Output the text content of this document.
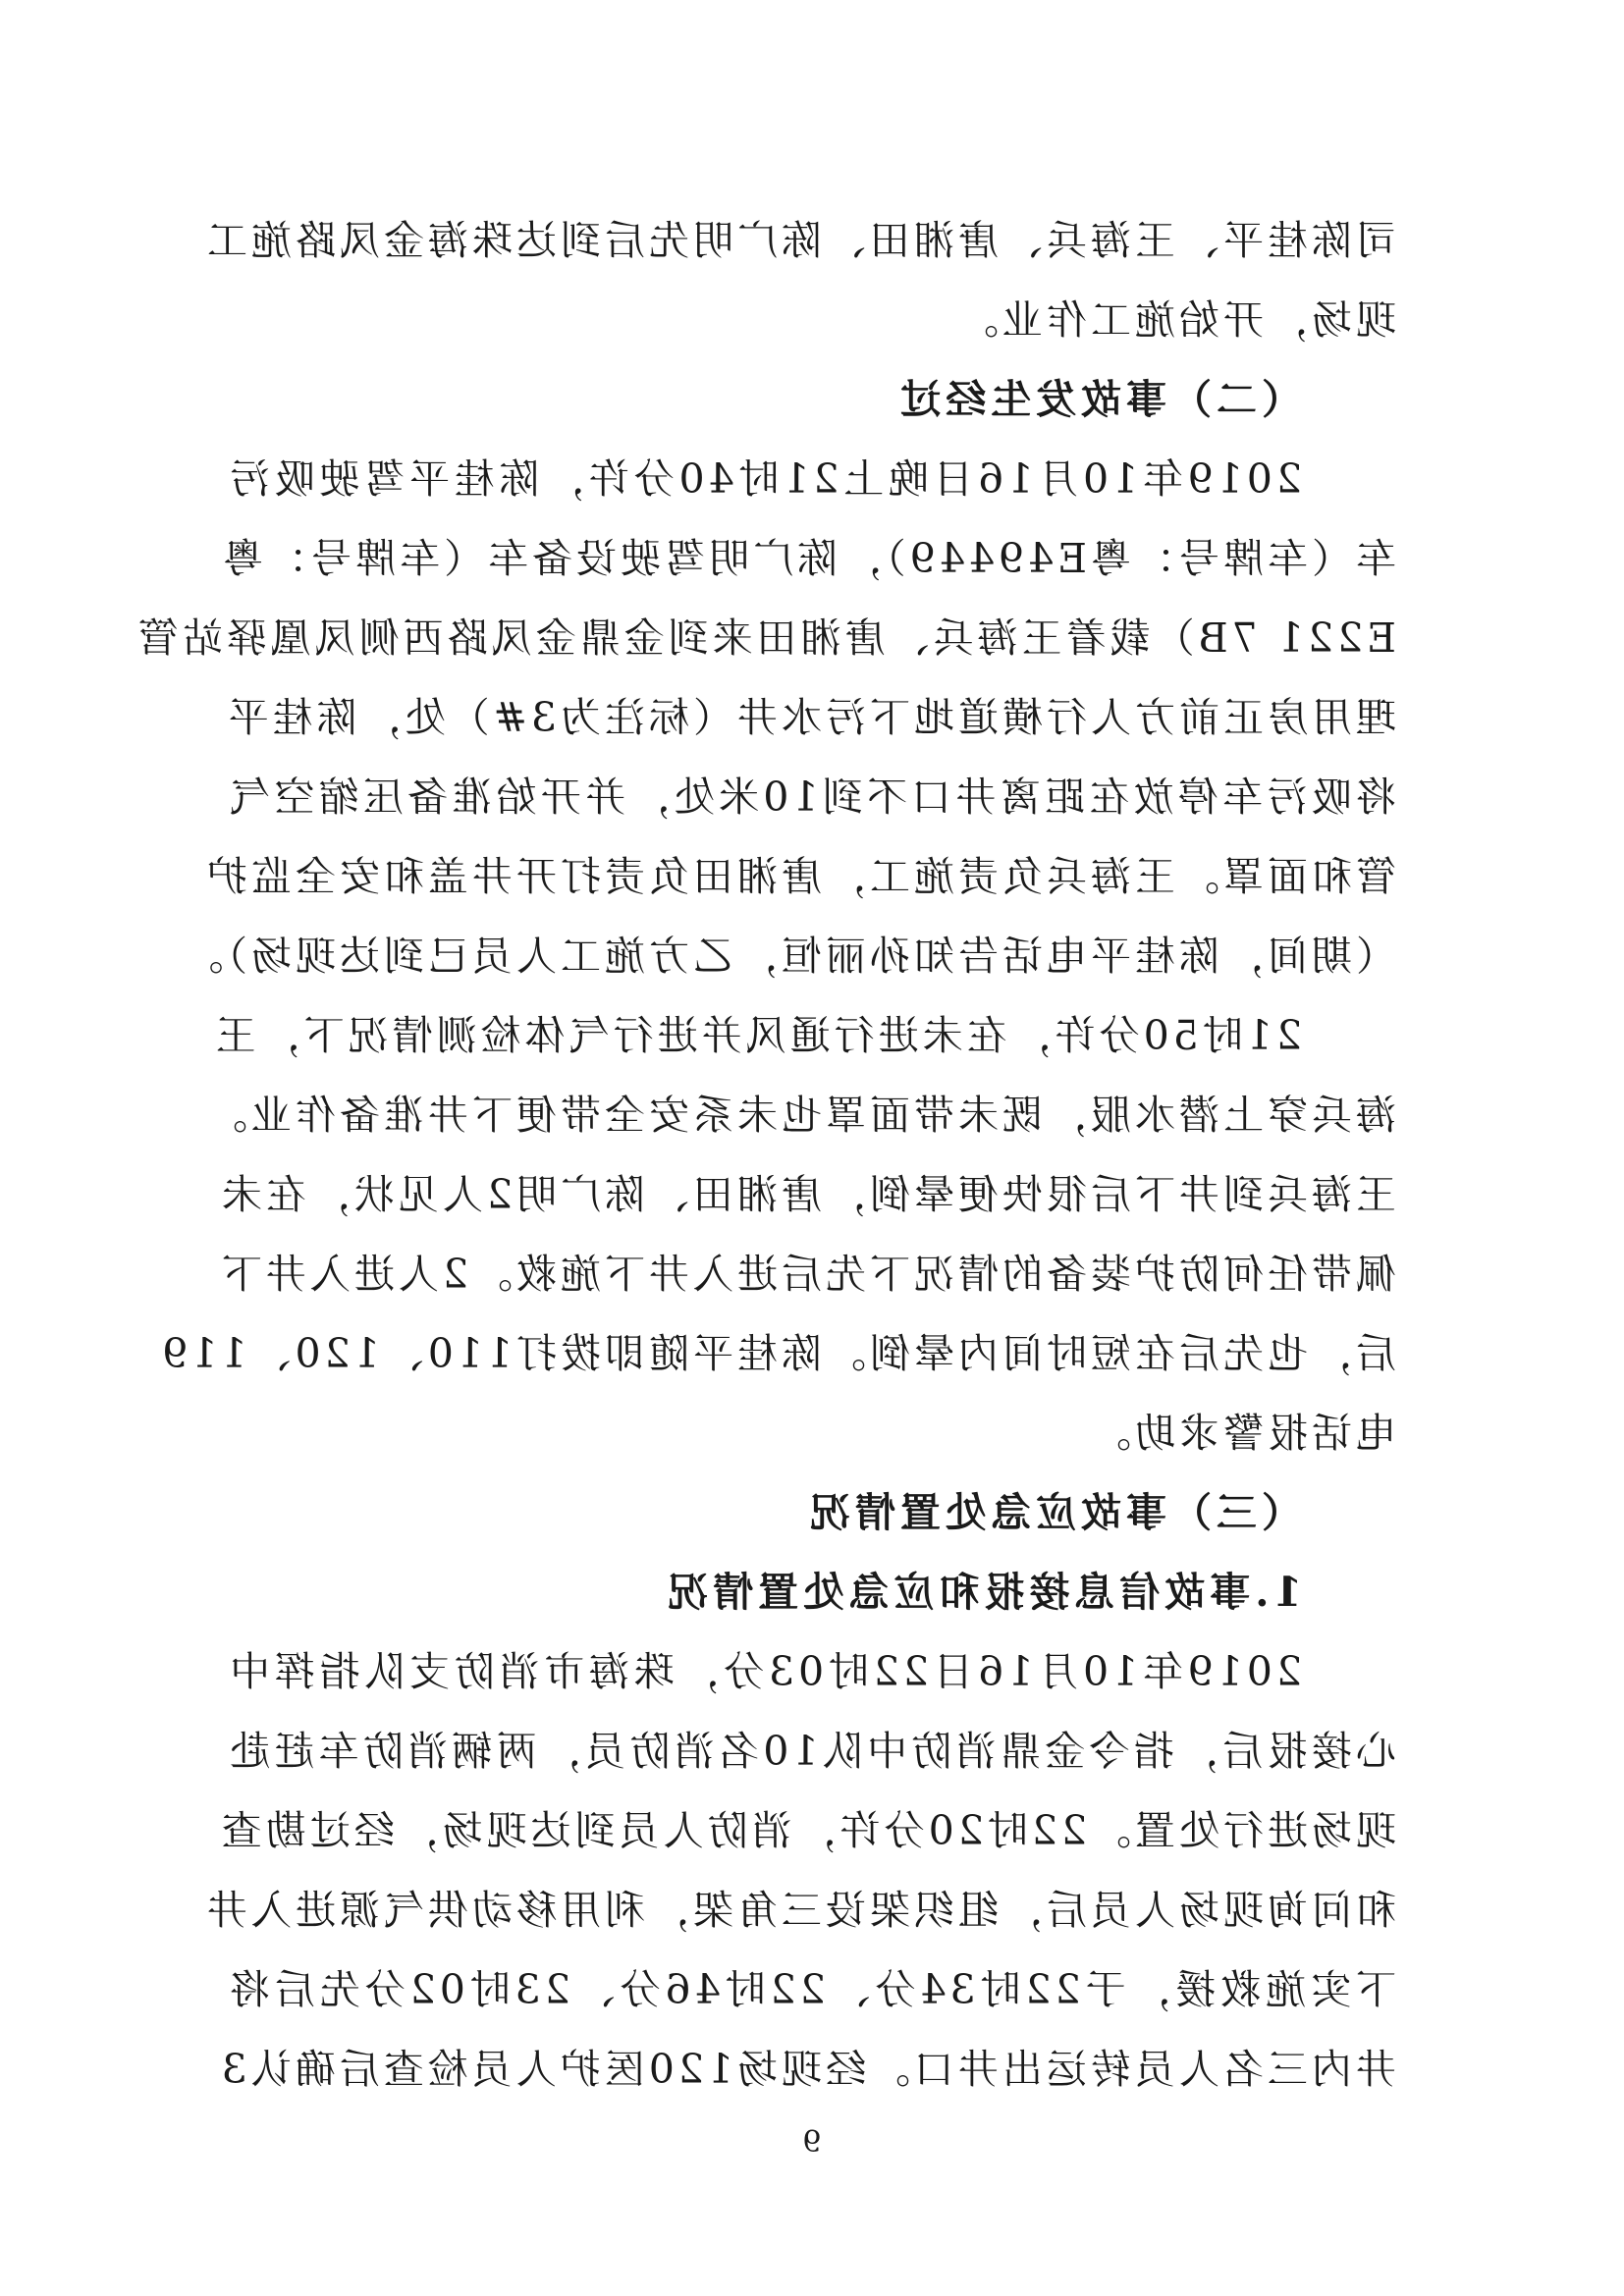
司陈桂平、王海兵、唐湘田、陈广明先后到达珠海金凤路施工
现场，开始施工作业。
（二）事故发生经过
2019年10月16日晚上21时40分许，陈桂平驾驶吸污
车（车牌号：粤E49449），陈广明驾驶设备车（车牌号：粤
E221 7B）载着王海兵、唐湘田来到金鼎金凤路西侧凤凰驿站管
理用房正前方人行横道地下污水井（标注为3#）处，陈桂平
将吸污车停放在距离井口不到10米处，并开始准备压缩空气
管和面罩。王海兵负责施工，唐湘田负责打开井盖和安全监护
（期间，陈桂平电话告知孙丽恒，乙方施工人员已到达现场）。
21时50分许，在未进行通风并进行气体检测情况下，王
海兵穿上潜水服，既未带面罩也未系安全带便下井准备作业。
王海兵到井下后很快便晕倒，唐湘田、陈广明2人见状，在未
佩带任何防护装备的情况下先后进入井下施救。2人进入井下
后，也先后在短时间内晕倒。陈桂平随即拨打110、120、119
电话报警求助。
（三）事故应急处置情况
1.事故信息接报和应急处置情况
2019年10月16日22时03分，珠海市消防支队指挥中
心接报后，指令金鼎消防中队10名消防员，两辆消防车赶赴
现场进行处置。22时20分许，消防人员到达现场，经过勘查
和问询现场人员后，组织架设三角架，利用移动供气源进入井
下实施救援，于22时34分、22时46分、23时02分先后将
井内三名人员转运出井口。经现场120医护人员检查后确认3
9
